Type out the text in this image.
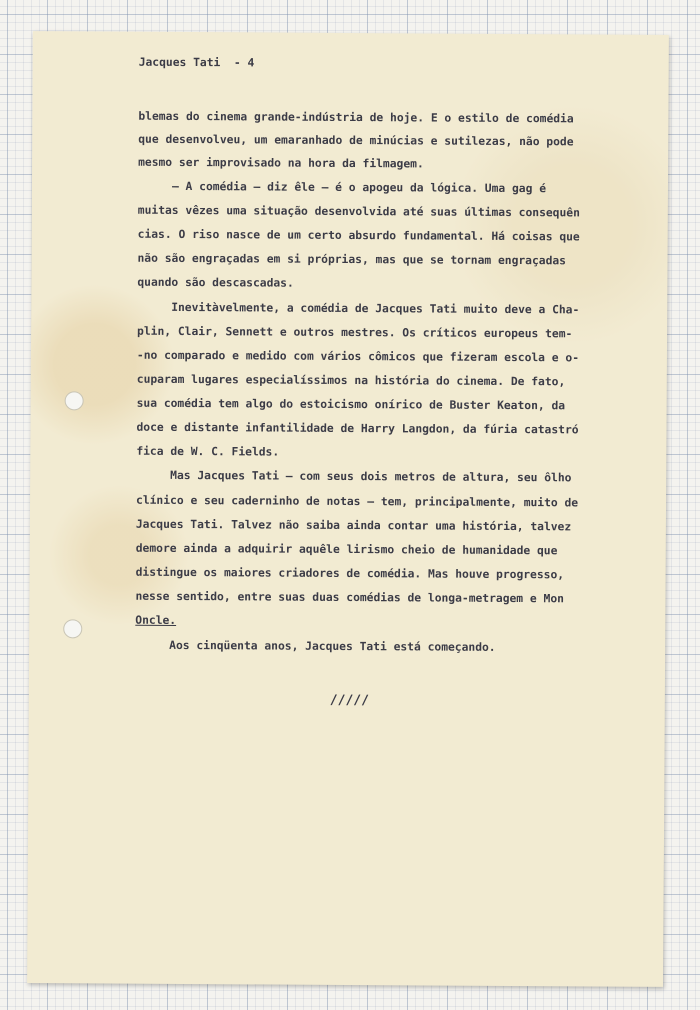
Jacques Tati  - 4
blemas do cinema grande-indústria de hoje. E o estilo de comédia
que desenvolveu, um emaranhado de minúcias e sutilezas, não pode
mesmo ser improvisado na hora da filmagem.
— A comédia — diz êle — é o apogeu da lógica. Uma gag é
muitas vêzes uma situação desenvolvida até suas últimas consequên
cias. O riso nasce de um certo absurdo fundamental. Há coisas que
não são engraçadas em si próprias, mas que se tornam engraçadas
quando são descascadas.
Inevitàvelmente, a comédia de Jacques Tati muito deve a Cha-
plin, Clair, Sennett e outros mestres. Os críticos europeus tem-
-no comparado e medido com vários cômicos que fizeram escola e o-
cuparam lugares especialíssimos na história do cinema. De fato,
sua comédia tem algo do estoicismo onírico de Buster Keaton, da
doce e distante infantilidade de Harry Langdon, da fúria catastró
fica de W. C. Fields.
Mas Jacques Tati — com seus dois metros de altura, seu ôlho
clínico e seu caderninho de notas — tem, principalmente, muito de
Jacques Tati. Talvez não saiba ainda contar uma história, talvez
demore ainda a adquirir aquêle lirismo cheio de humanidade que
distingue os maiores criadores de comédia. Mas houve progresso,
nesse sentido, entre suas duas comédias de longa-metragem e Mon
Oncle.
Aos cinqüenta anos, Jacques Tati está começando.
/////
